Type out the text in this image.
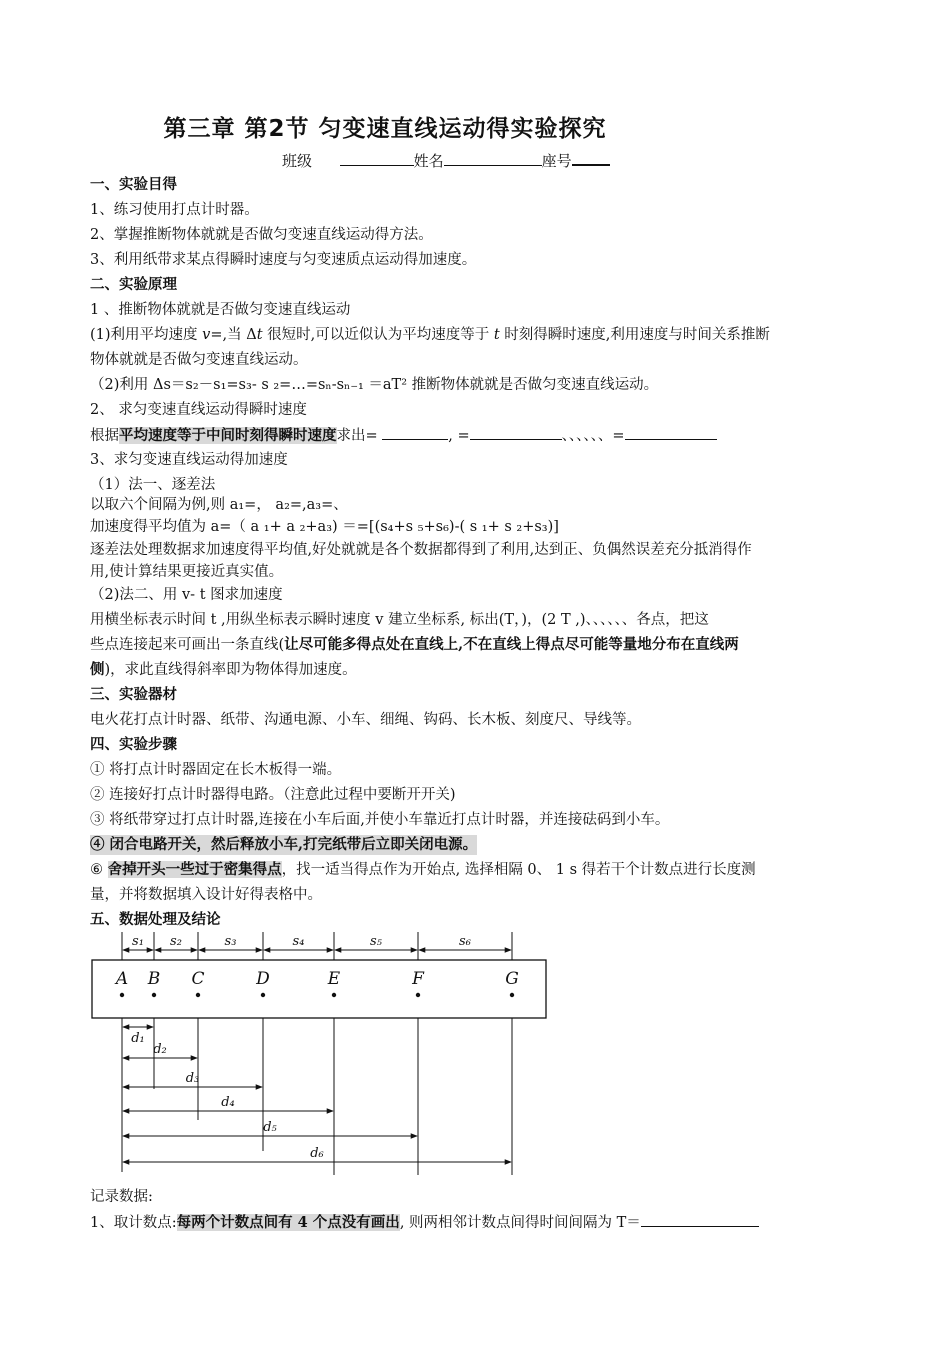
第三章 第2节 匀变速直线运动得实验探究
班级	姓名	座号
一、实验目得
1、练习使用打点计时器。
2、掌握推断物体就就是否做匀变速直线运动得方法。
3、利用纸带求某点得瞬时速度与匀变速质点运动得加速度。
二、实验原理
1 、推断物体就就是否做匀变速直线运动
(1)利用平均速度 v=,当 Δt 很短时,可以近似认为平均速度等于 t 时刻得瞬时速度,利用速度与时间关系推断
物体就就是否做匀变速直线运动。
（2)利用 Δs＝s₂－s₁=s₃- s ₂=…=sₙ-sₙ₋₁ ＝aT² 推断物体就就是否做匀变速直线运动。
2、 求匀变速直线运动得瞬时速度
根据平均速度等于中间时刻得瞬时速度求出=	, =	、、、、、、=
3、求匀变速直线运动得加速度
（1）法一、逐差法
以取六个间隔为例,则 a₁=， a₂=,a₃=、
加速度得平均值为 a=（ a ₁+ a ₂+a₃) ＝=[(s₄+s ₅+s₆)-( s ₁+ s ₂+s₃)]
逐差法处理数据求加速度得平均值,好处就就是各个数据都得到了利用,达到正、负偶然误差充分抵消得作
用,使计算结果更接近真实值。
（2)法二、用 v- t 图求加速度
用横坐标表示时间 t ,用纵坐标表示瞬时速度 v 建立坐标系, 标出(T，)，(2 T ,)、、、、、、各点，把这
些点连接起来可画出一条直线(让尽可能多得点处在直线上,不在直线上得点尽可能等量地分布在直线两
侧)，求此直线得斜率即为物体得加速度。
三、实验器材
电火花打点计时器、纸带、沟通电源、小车、细绳、钩码、长木板、刻度尺、导线等。
四、实验步骤
① 将打点计时器固定在长木板得一端。
② 连接好打点计时器得电路。（注意此过程中要断开开关)
③ 将纸带穿过打点计时器,连接在小车后面,并使小车靠近打点计时器，并连接砝码到小车。
④ 闭合电路开关，然后释放小车,打完纸带后立即关闭电源。
⑥ 舍掉开头一些过于密集得点，找一适当得点作为开始点, 选择相隔 0、 1 s 得若干个计数点进行长度测
量，并将数据填入设计好得表格中。
五、数据处理及结论
记录数据:
1、取计数点:每两个计数点间有 4 个点没有画出, 则两相邻计数点间得时间间隔为 T＝
s₁ s₂	s₃	s₄	s₅	s₆
A B C	D	E	F	G
d₁
d₂
d₃
d₄
d₅
d₆
